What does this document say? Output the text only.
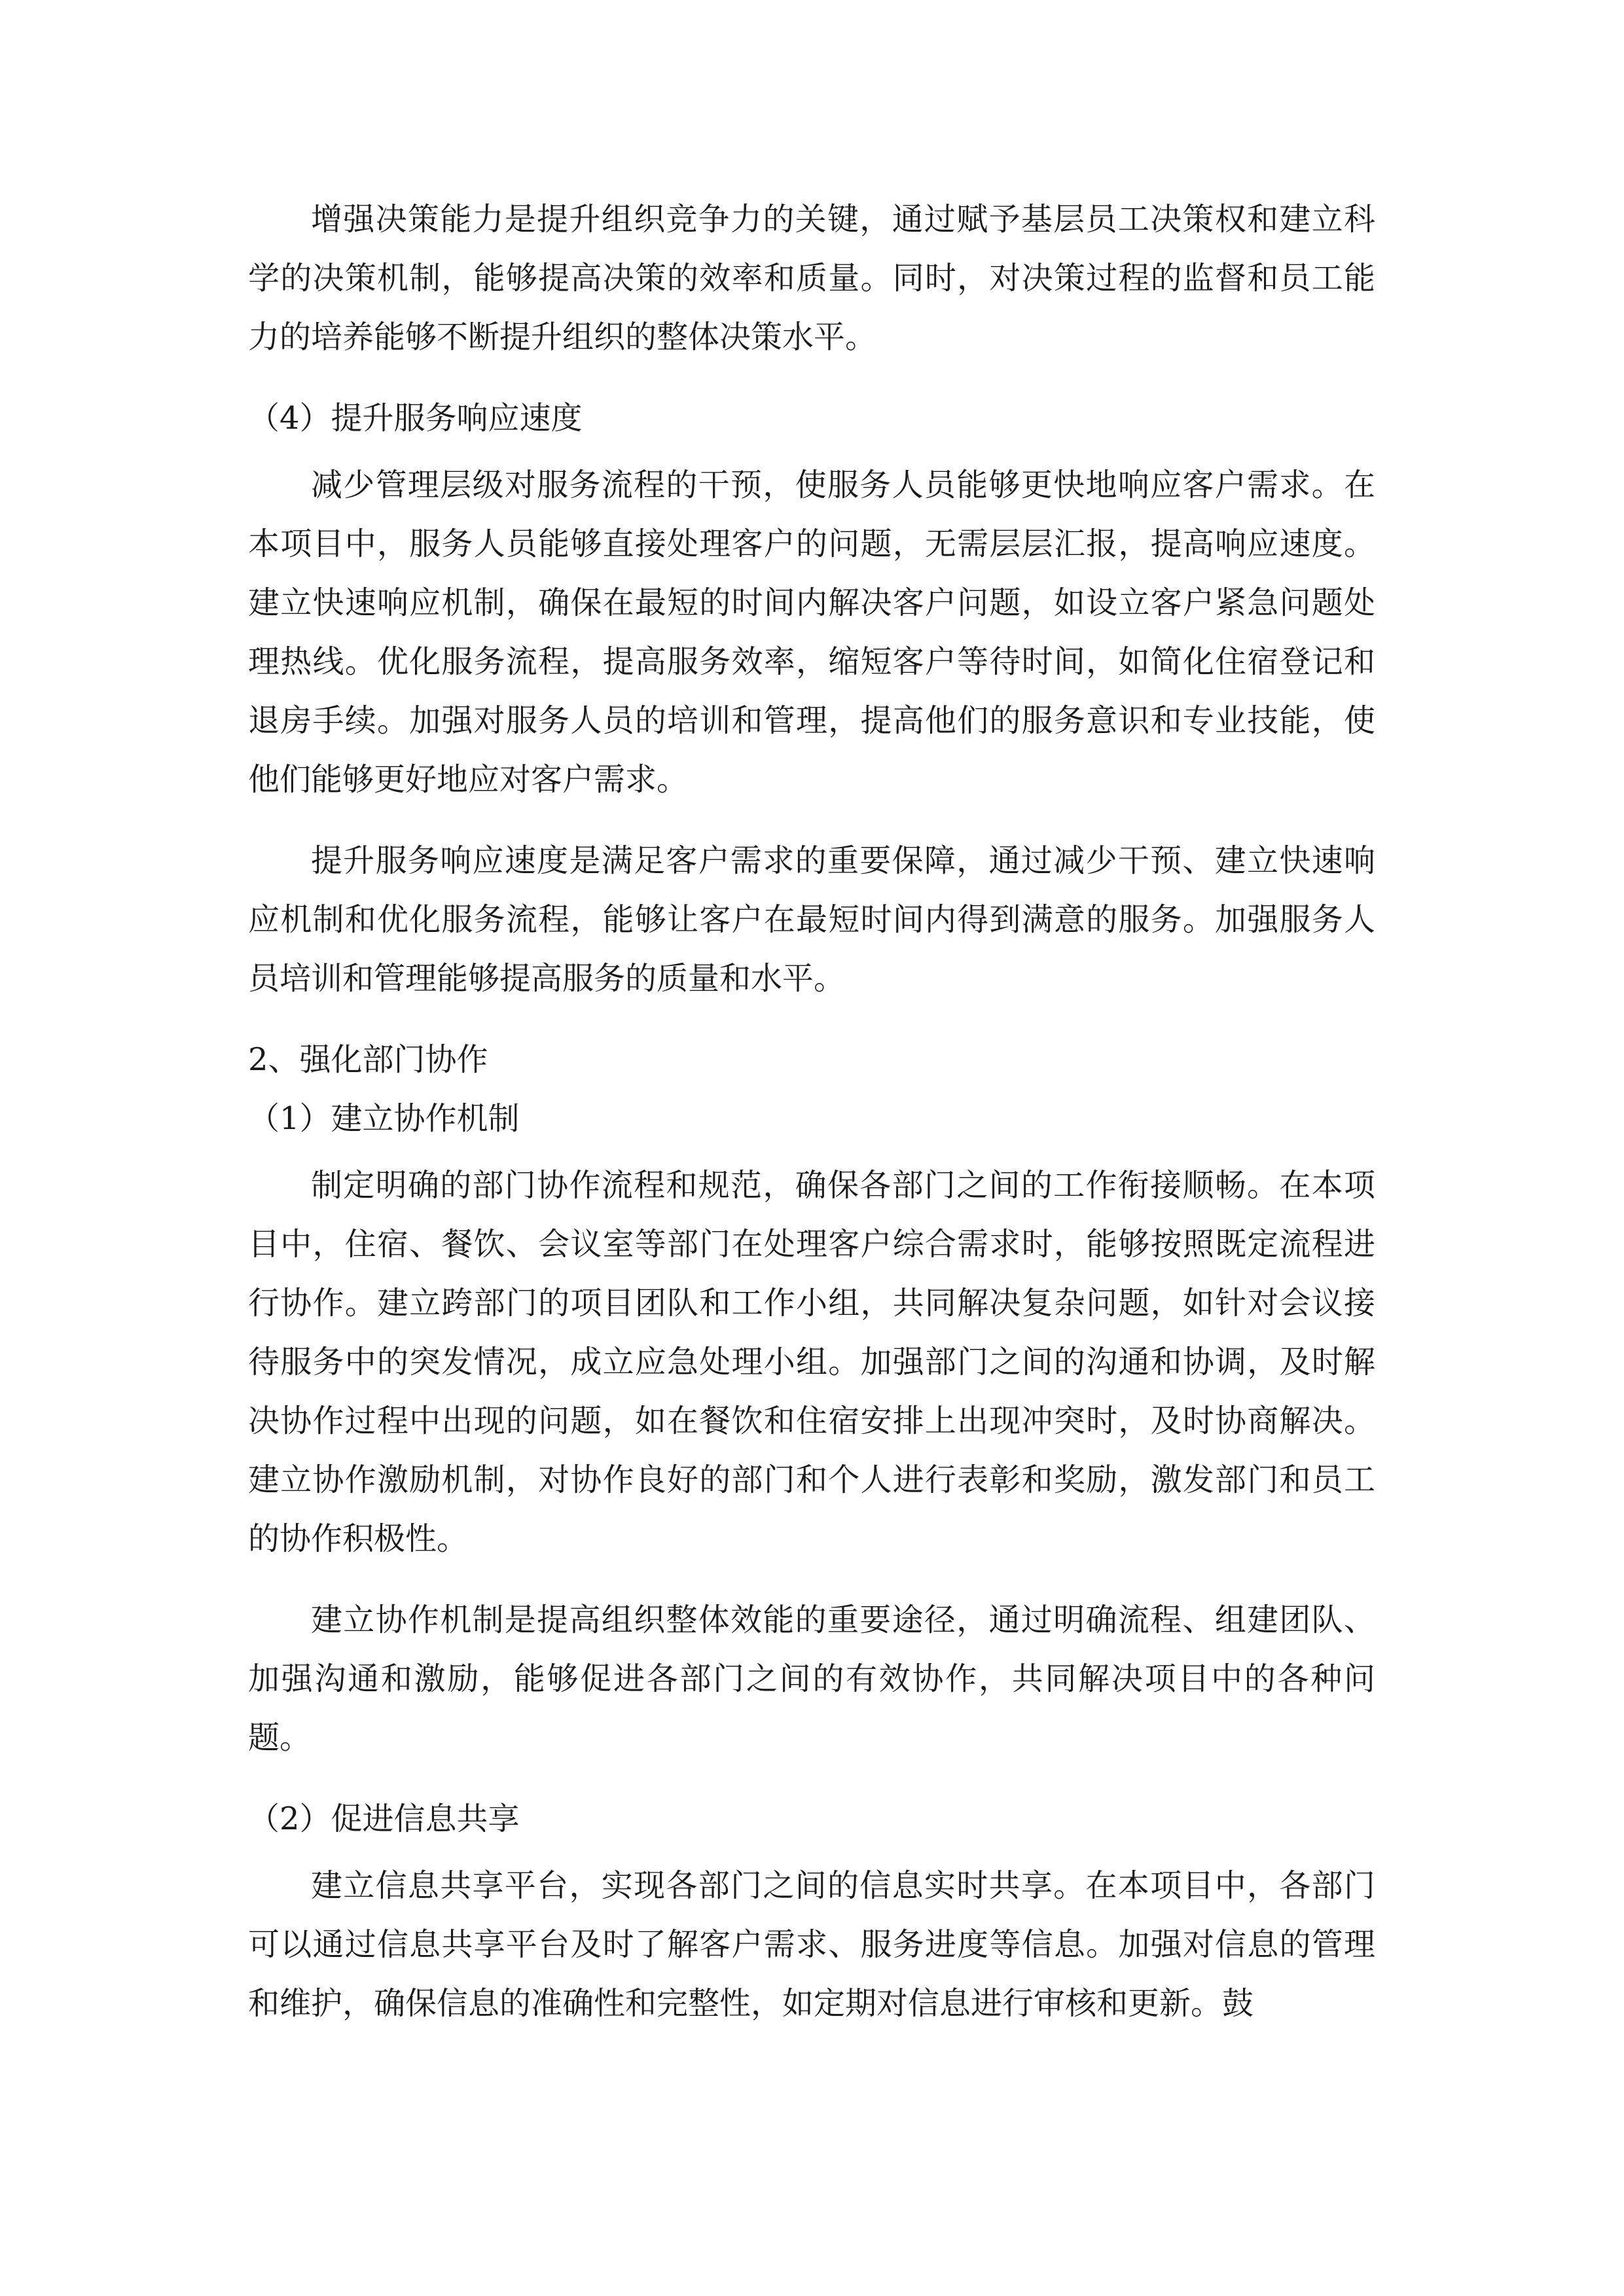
增强决策能力是提升组织竞争力的关键，通过赋予基层员工决策权和建立科学的决策机制，能够提高决策的效率和质量。同时，对决策过程的监督和员工能力的培养能够不断提升组织的整体决策水平。

（4）提升服务响应速度

减少管理层级对服务流程的干预，使服务人员能够更快地响应客户需求。在本项目中，服务人员能够直接处理客户的问题，无需层层汇报，提高响应速度。建立快速响应机制，确保在最短的时间内解决客户问题，如设立客户紧急问题处理热线。优化服务流程，提高服务效率，缩短客户等待时间，如简化住宿登记和退房手续。加强对服务人员的培训和管理，提高他们的服务意识和专业技能，使他们能够更好地应对客户需求。

提升服务响应速度是满足客户需求的重要保障，通过减少干预、建立快速响应机制和优化服务流程，能够让客户在最短时间内得到满意的服务。加强服务人员培训和管理能够提高服务的质量和水平。

2、强化部门协作

（1）建立协作机制

制定明确的部门协作流程和规范，确保各部门之间的工作衔接顺畅。在本项目中，住宿、餐饮、会议室等部门在处理客户综合需求时，能够按照既定流程进行协作。建立跨部门的项目团队和工作小组，共同解决复杂问题，如针对会议接待服务中的突发情况，成立应急处理小组。加强部门之间的沟通和协调，及时解决协作过程中出现的问题，如在餐饮和住宿安排上出现冲突时，及时协商解决。建立协作激励机制，对协作良好的部门和个人进行表彰和奖励，激发部门和员工的协作积极性。

建立协作机制是提高组织整体效能的重要途径，通过明确流程、组建团队、加强沟通和激励，能够促进各部门之间的有效协作，共同解决项目中的各种问题。

（2）促进信息共享

建立信息共享平台，实现各部门之间的信息实时共享。在本项目中，各部门可以通过信息共享平台及时了解客户需求、服务进度等信息。加强对信息的管理和维护，确保信息的准确性和完整性，如定期对信息进行审核和更新。鼓
